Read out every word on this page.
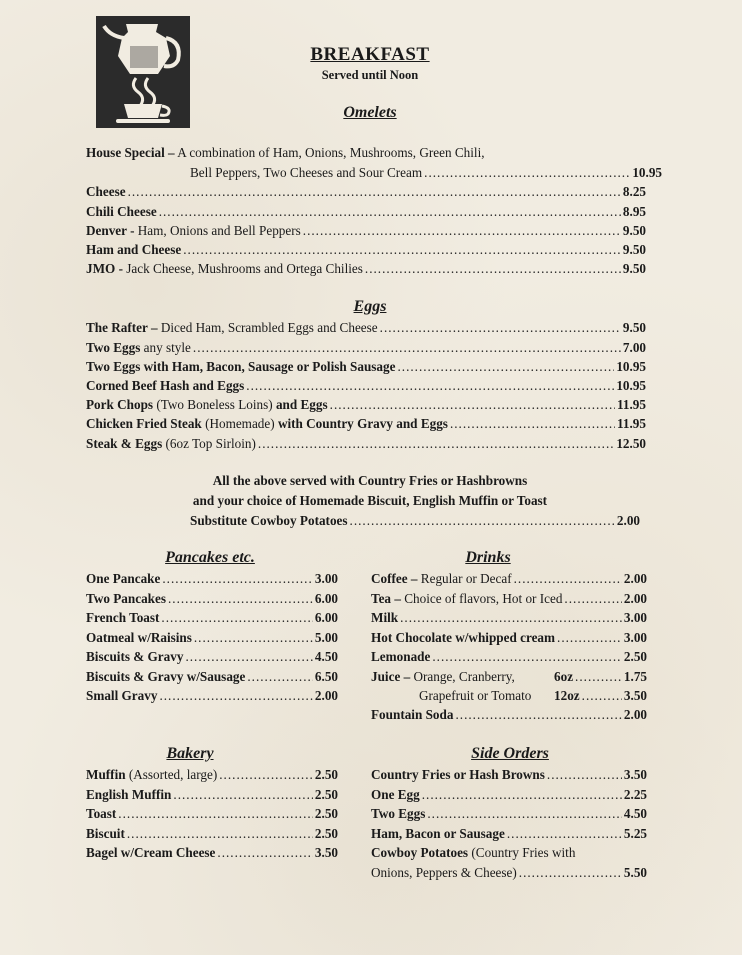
BREAKFAST
Served until Noon
Omelets
House Special – A combination of Ham, Onions, Mushrooms, Green Chili,
Bell Peppers, Two Cheeses and Sour Cream .....	10.95
Cheese .....	8.25
Chili Cheese .....	8.95
Denver - Ham, Onions and Bell Peppers .....	9.50
Ham and Cheese .....	9.50
JMO - Jack Cheese, Mushrooms and Ortega Chilies .....	9.50
Eggs
The Rafter – Diced Ham, Scrambled Eggs and Cheese .....	9.50
Two Eggs any style .....	7.00
Two Eggs with Ham, Bacon, Sausage or Polish Sausage .....	10.95
Corned Beef Hash and Eggs .....	10.95
Pork Chops (Two Boneless Loins) and Eggs .....	11.95
Chicken Fried Steak (Homemade) with Country Gravy and Eggs .....	11.95
Steak & Eggs (6oz Top Sirloin) .....	12.50
All the above served with Country Fries or Hashbrowns
and your choice of Homemade Biscuit, English Muffin or Toast
Substitute Cowboy Potatoes .....	2.00
Pancakes etc.
One Pancake .....	3.00
Two Pancakes .....	6.00
French Toast .....	6.00
Oatmeal w/Raisins .....	5.00
Biscuits & Gravy .....	4.50
Biscuits & Gravy w/Sausage .....	6.50
Small Gravy .....	2.00
Drinks
Coffee – Regular or Decaf .....	2.00
Tea – Choice of flavors, Hot or Iced .....	2.00
Milk .....	3.00
Hot Chocolate w/whipped cream .....	3.00
Lemonade .....	2.50
Juice – Orange, Cranberry,	6oz .....	1.75
Grapefruit or Tomato 12oz .....	3.50
Fountain Soda .....	2.00
Bakery
Muffin (Assorted, large) .....	2.50
English Muffin .....	2.50
Toast .....	2.50
Biscuit .....	2.50
Bagel w/Cream Cheese .....	3.50
Side Orders
Country Fries or Hash Browns .....	3.50
One Egg .....	2.25
Two Eggs .....	4.50
Ham, Bacon or Sausage .....	5.25
Cowboy Potatoes (Country Fries with
Onions, Peppers & Cheese) .....	5.50
